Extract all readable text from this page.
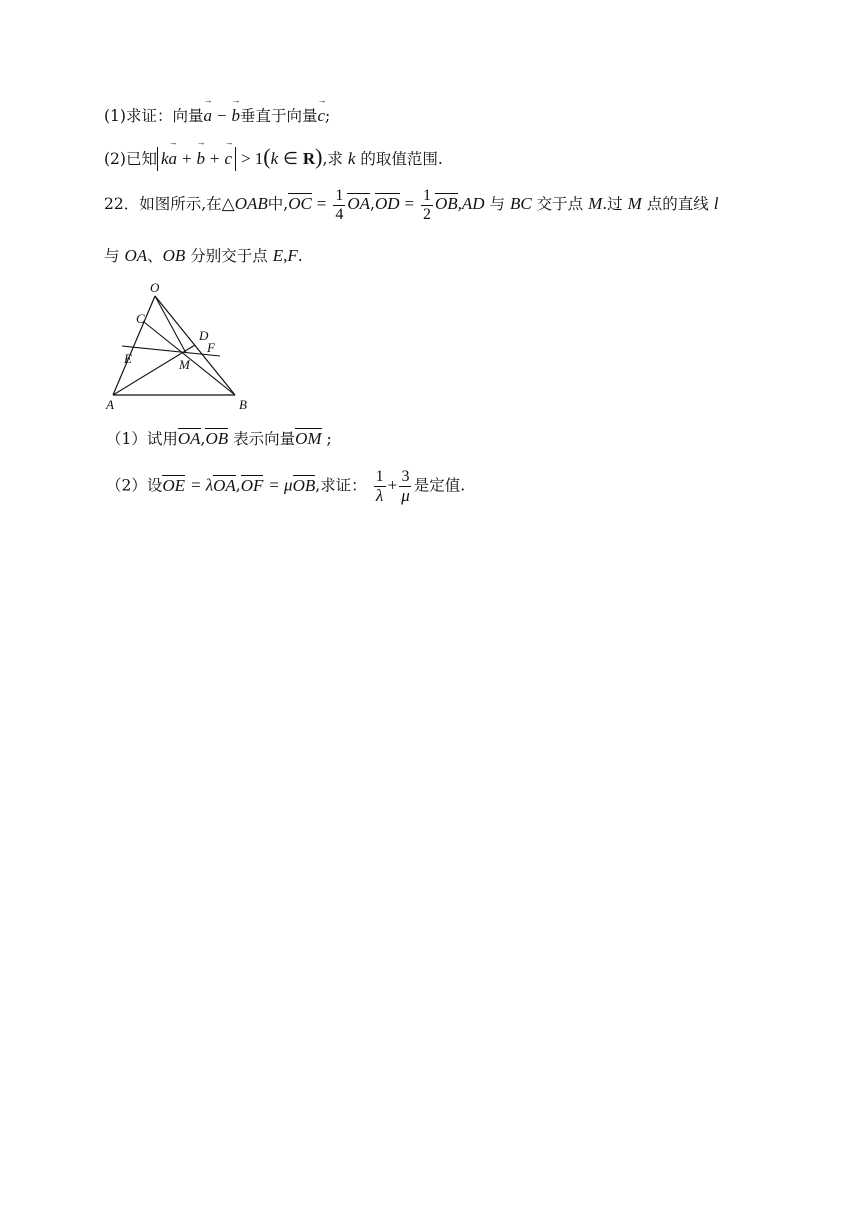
(1)求证：向量→ a − → b垂直于向量→ c;
(2)已知 k→ a + → b + → c > 1(k ∈ R),求 k 的取值范围.
22．如图所示,在△OAB中$,OC = \frac{1}{4} OA,OD = \frac{1}{2} OB,AD$ 与 BC 交于点 M.过 M 点的直线 l
与 OA、OB 分别交于点 E,F.
O
C
D
F
E	M
A	B
（1）试用OA,OB 表示向量OM ;
（2）设OE = λOA,OF = μOB,求证： $\frac{1}{\lambda} + \frac{3}{\mu}$ 是定值.
